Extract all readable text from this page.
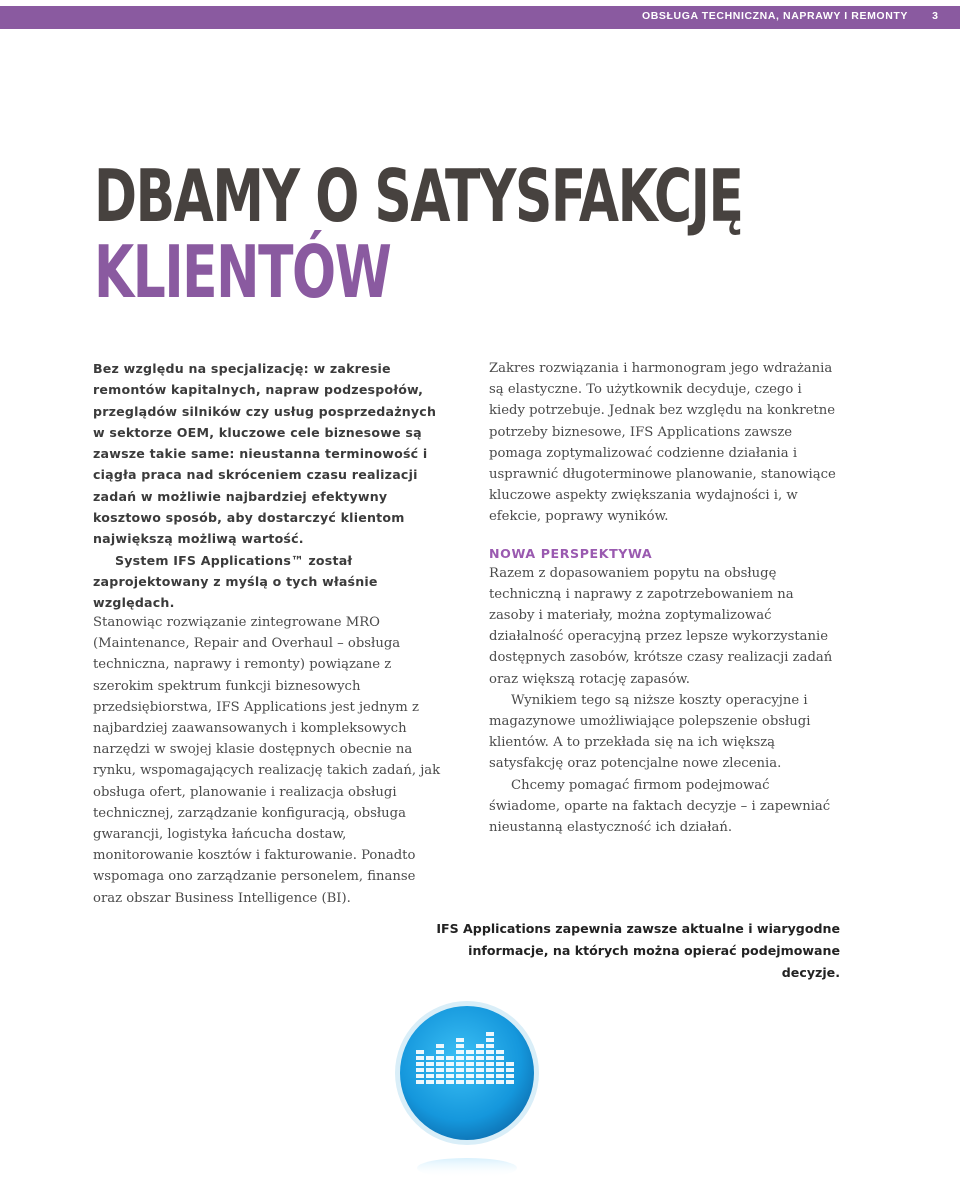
OBSŁUGA TECHNICZNA, NAPRAWY I REMONTY 3
DBAMY O SATYSFAKCJĘ
KLIENTÓW

Bez względu na specjalizację: w zakresie remontów kapitalnych, napraw podzespołów, przeglądów silników czy usług posprzedażnych w sektorze OEM, kluczowe cele biznesowe są zawsze takie same: nieustanna terminowość i ciągła praca nad skróceniem czasu realizacji zadań w możliwie najbardziej efektywny kosztowo sposób, aby dostarczyć klientom największą możliwą wartość.

System IFS Applications™ został zaprojektowany z myślą o tych właśnie względach.

Stanowiąc rozwiązanie zintegrowane MRO (Maintenance, Repair and Overhaul – obsługa techniczna, naprawy i remonty) powiązane z szerokim spektrum funkcji biznesowych przedsiębiorstwa, IFS Applications jest jednym z najbardziej zaawansowanych i kompleksowych narzędzi w swojej klasie dostępnych obecnie na rynku, wspomagających realizację takich zadań, jak obsługa ofert, planowanie i realizacja obsługi technicznej, zarządzanie konfiguracją, obsługa gwarancji, logistyka łańcucha dostaw, monitorowanie kosztów i fakturowanie. Ponadto wspomaga ono zarządzanie personelem, finanse oraz obszar Business Intelligence (BI).

Zakres rozwiązania i harmonogram jego wdrażania są elastyczne. To użytkownik decyduje, czego i kiedy potrzebuje. Jednak bez względu na konkretne potrzeby biznesowe, IFS Applications zawsze pomaga zoptymalizować codzienne działania i usprawnić długoterminowe planowanie, stanowiące kluczowe aspekty zwiększania wydajności i, w efekcie, poprawy wyników.

NOWA PERSPEKTYWA

Razem z dopasowaniem popytu na obsługę techniczną i naprawy z zapotrzebowaniem na zasoby i materiały, można zoptymalizować działalność operacyjną przez lepsze wykorzystanie dostępnych zasobów, krótsze czasy realizacji zadań oraz większą rotację zapasów.

Wynikiem tego są niższe koszty operacyjne i magazynowe umożliwiające polepszenie obsługi klientów. A to przekłada się na ich większą satysfakcję oraz potencjalne nowe zlecenia.

Chcemy pomagać firmom podejmować świadome, oparte na faktach decyzje – i zapewniać nieustanną elastyczność ich działań.

IFS Applications zapewnia zawsze aktualne i wiarygodne informacje, na których można opierać podejmowane decyzje.
